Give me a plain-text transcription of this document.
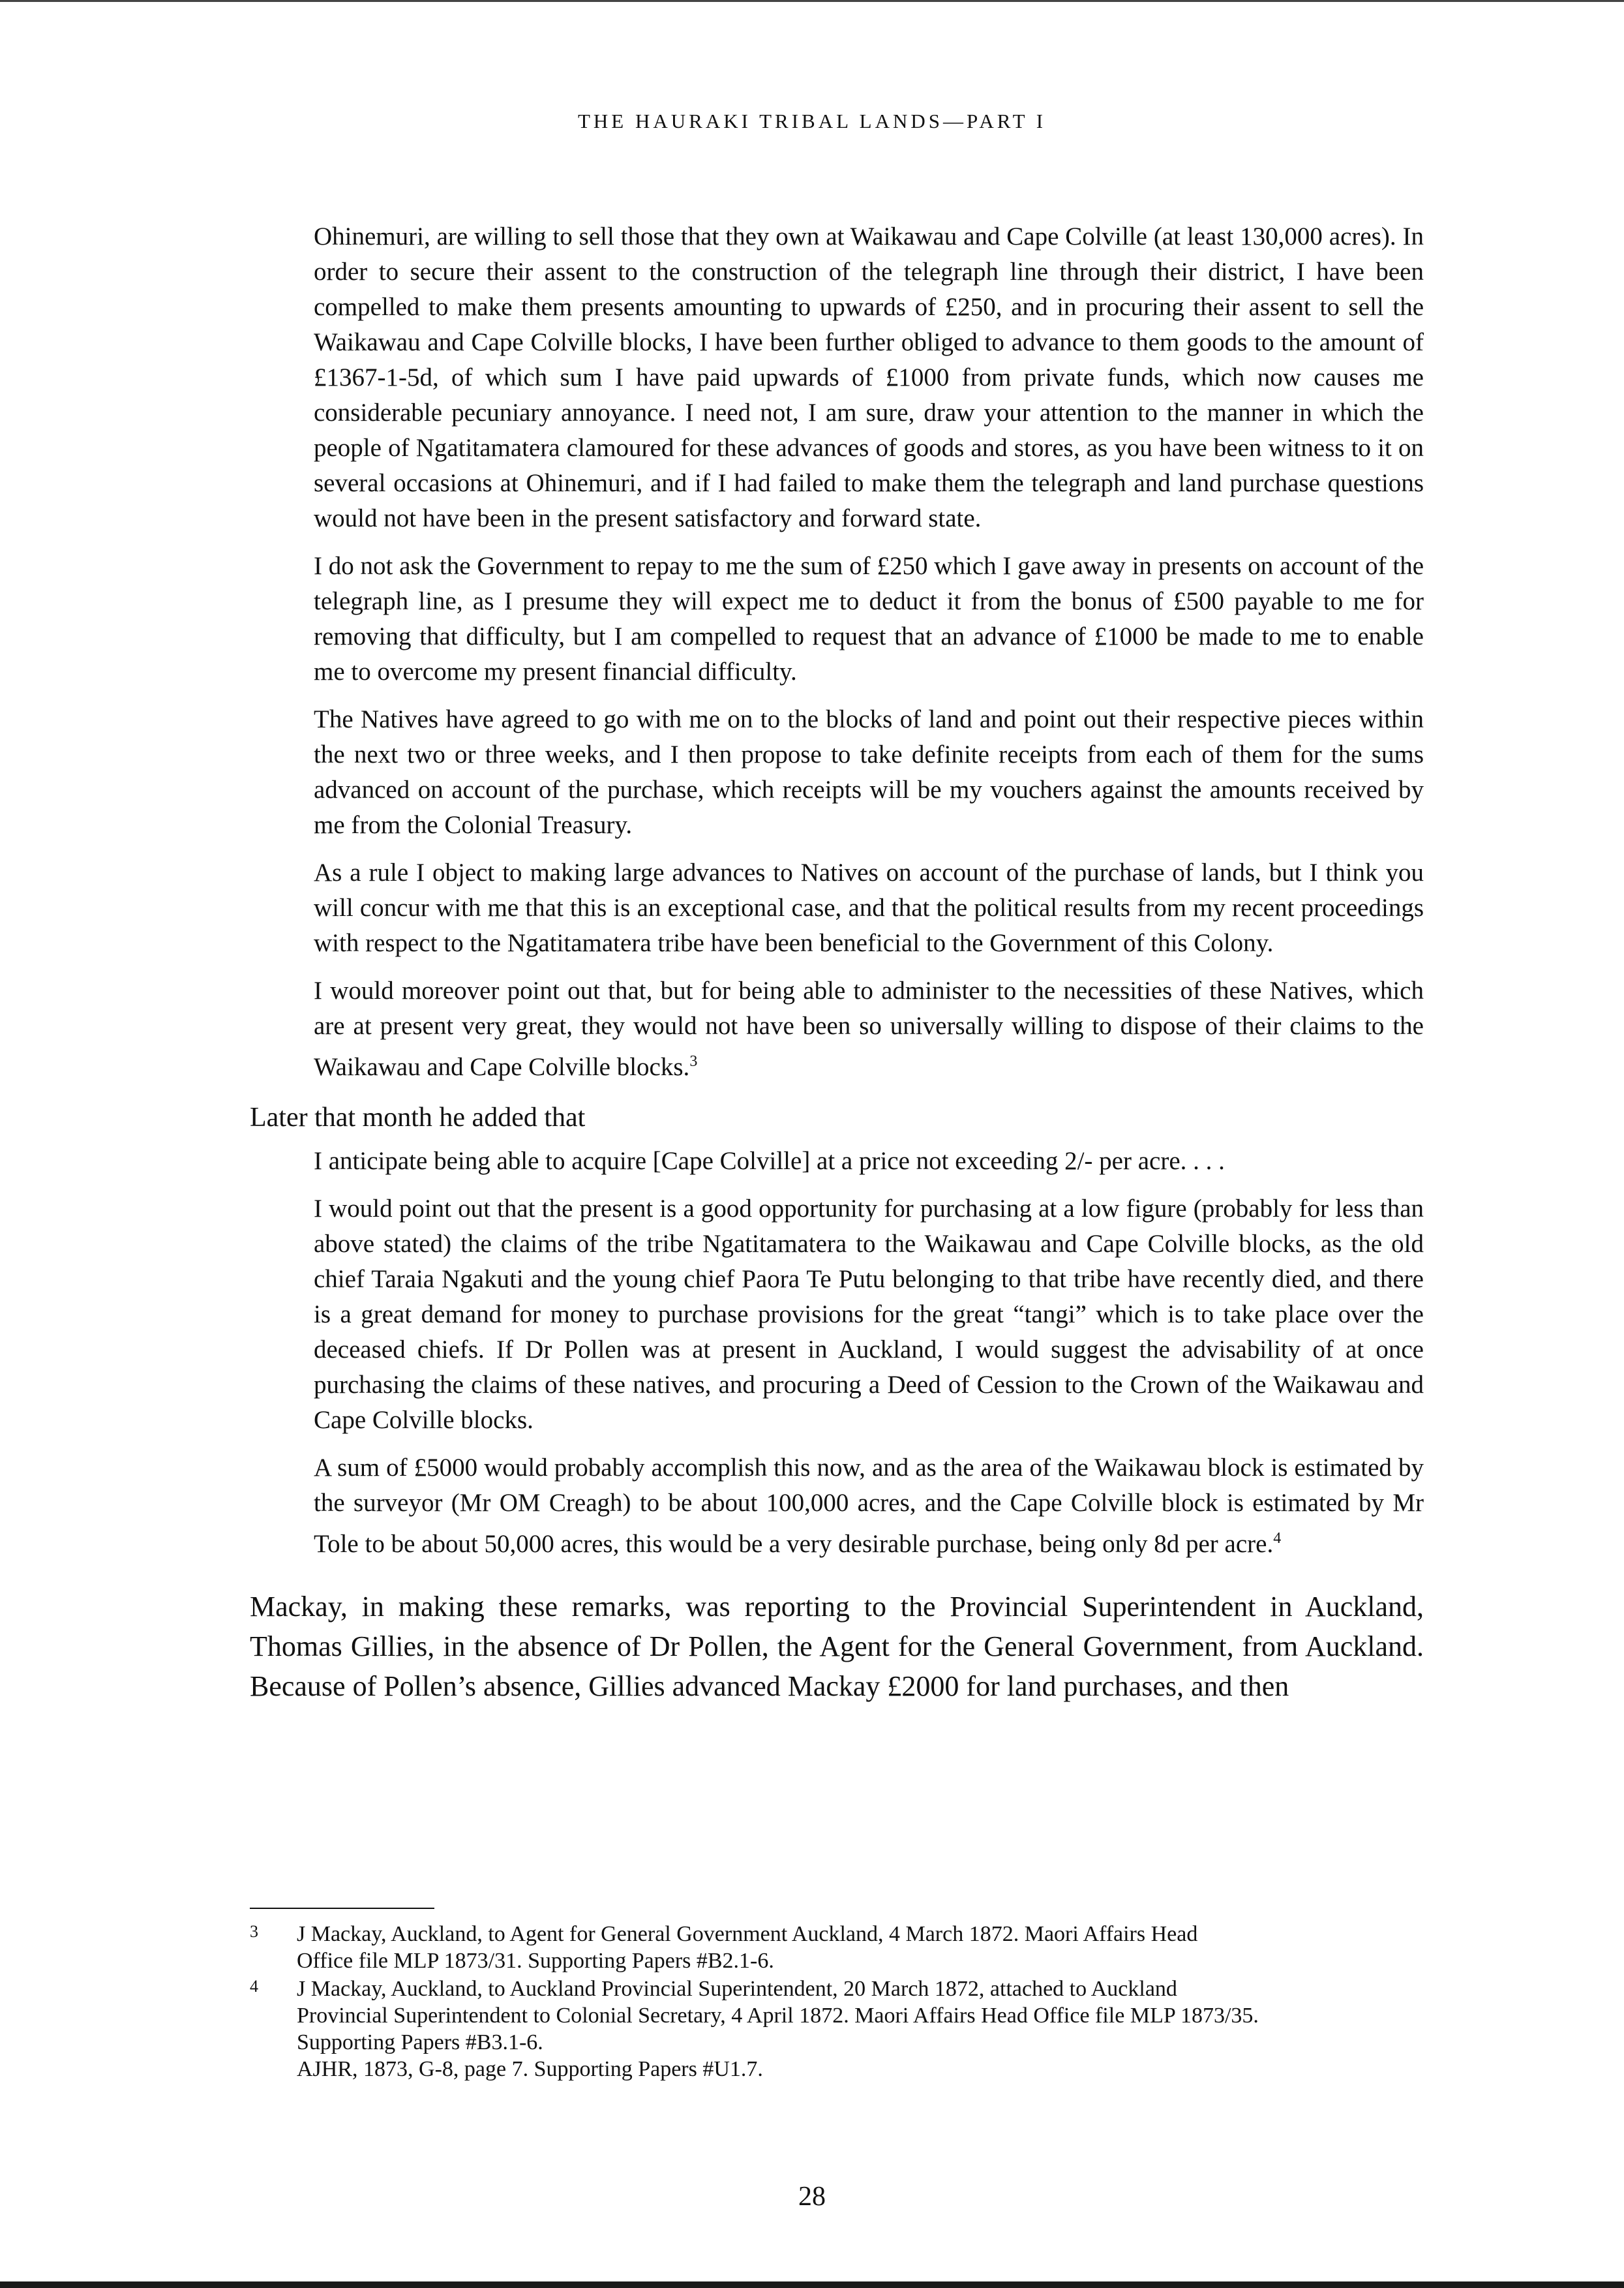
THE HAURAKI TRIBAL LANDS—PART I

Ohinemuri, are willing to sell those that they own at Waikawau and Cape Colville (at least 130,000 acres). In order to secure their assent to the construction of the telegraph line through their district, I have been compelled to make them presents amounting to upwards of £250, and in procuring their assent to sell the Waikawau and Cape Colville blocks, I have been further obliged to advance to them goods to the amount of £1367-1-5d, of which sum I have paid upwards of £1000 from private funds, which now causes me considerable pecuniary annoyance. I need not, I am sure, draw your attention to the manner in which the people of Ngatitamatera clamoured for these advances of goods and stores, as you have been witness to it on several occasions at Ohinemuri, and if I had failed to make them the telegraph and land purchase questions would not have been in the present satisfactory and forward state.

I do not ask the Government to repay to me the sum of £250 which I gave away in presents on account of the telegraph line, as I presume they will expect me to deduct it from the bonus of £500 payable to me for removing that difficulty, but I am compelled to request that an advance of £1000 be made to me to enable me to overcome my present financial difficulty.

The Natives have agreed to go with me on to the blocks of land and point out their respective pieces within the next two or three weeks, and I then propose to take definite receipts from each of them for the sums advanced on account of the purchase, which receipts will be my vouchers against the amounts received by me from the Colonial Treasury.

As a rule I object to making large advances to Natives on account of the purchase of lands, but I think you will concur with me that this is an exceptional case, and that the political results from my recent proceedings with respect to the Ngatitamatera tribe have been beneficial to the Government of this Colony.

I would moreover point out that, but for being able to administer to the necessities of these Natives, which are at present very great, they would not have been so universally willing to dispose of their claims to the Waikawau and Cape Colville blocks.$^3$

Later that month he added that

I anticipate being able to acquire [Cape Colville] at a price not exceeding 2/- per acre. . . .

I would point out that the present is a good opportunity for purchasing at a low figure (probably for less than above stated) the claims of the tribe Ngatitamatera to the Waikawau and Cape Colville blocks, as the old chief Taraia Ngakuti and the young chief Paora Te Putu belonging to that tribe have recently died, and there is a great demand for money to purchase provisions for the great “tangi” which is to take place over the deceased chiefs. If Dr Pollen was at present in Auckland, I would suggest the advisability of at once purchasing the claims of these natives, and procuring a Deed of Cession to the Crown of the Waikawau and Cape Colville blocks.

A sum of £5000 would probably accomplish this now, and as the area of the Waikawau block is estimated by the surveyor (Mr OM Creagh) to be about 100,000 acres, and the Cape Colville block is estimated by Mr Tole to be about 50,000 acres, this would be a very desirable purchase, being only 8d per acre.$^4$

Mackay, in making these remarks, was reporting to the Provincial Superintendent in Auckland, Thomas Gillies, in the absence of Dr Pollen, the Agent for the General Government, from Auckland. Because of Pollen’s absence, Gillies advanced Mackay £2000 for land purchases, and then

3	J Mackay, Auckland, to Agent for General Government Auckland, 4 March 1872. Maori Affairs Head
Office file MLP 1873/31. Supporting Papers #B2.1-6.
4	J Mackay, Auckland, to Auckland Provincial Superintendent, 20 March 1872, attached to Auckland
Provincial Superintendent to Colonial Secretary, 4 April 1872. Maori Affairs Head Office file MLP 1873/35.
Supporting Papers #B3.1-6.
AJHR, 1873, G-8, page 7. Supporting Papers #U1.7.
28
